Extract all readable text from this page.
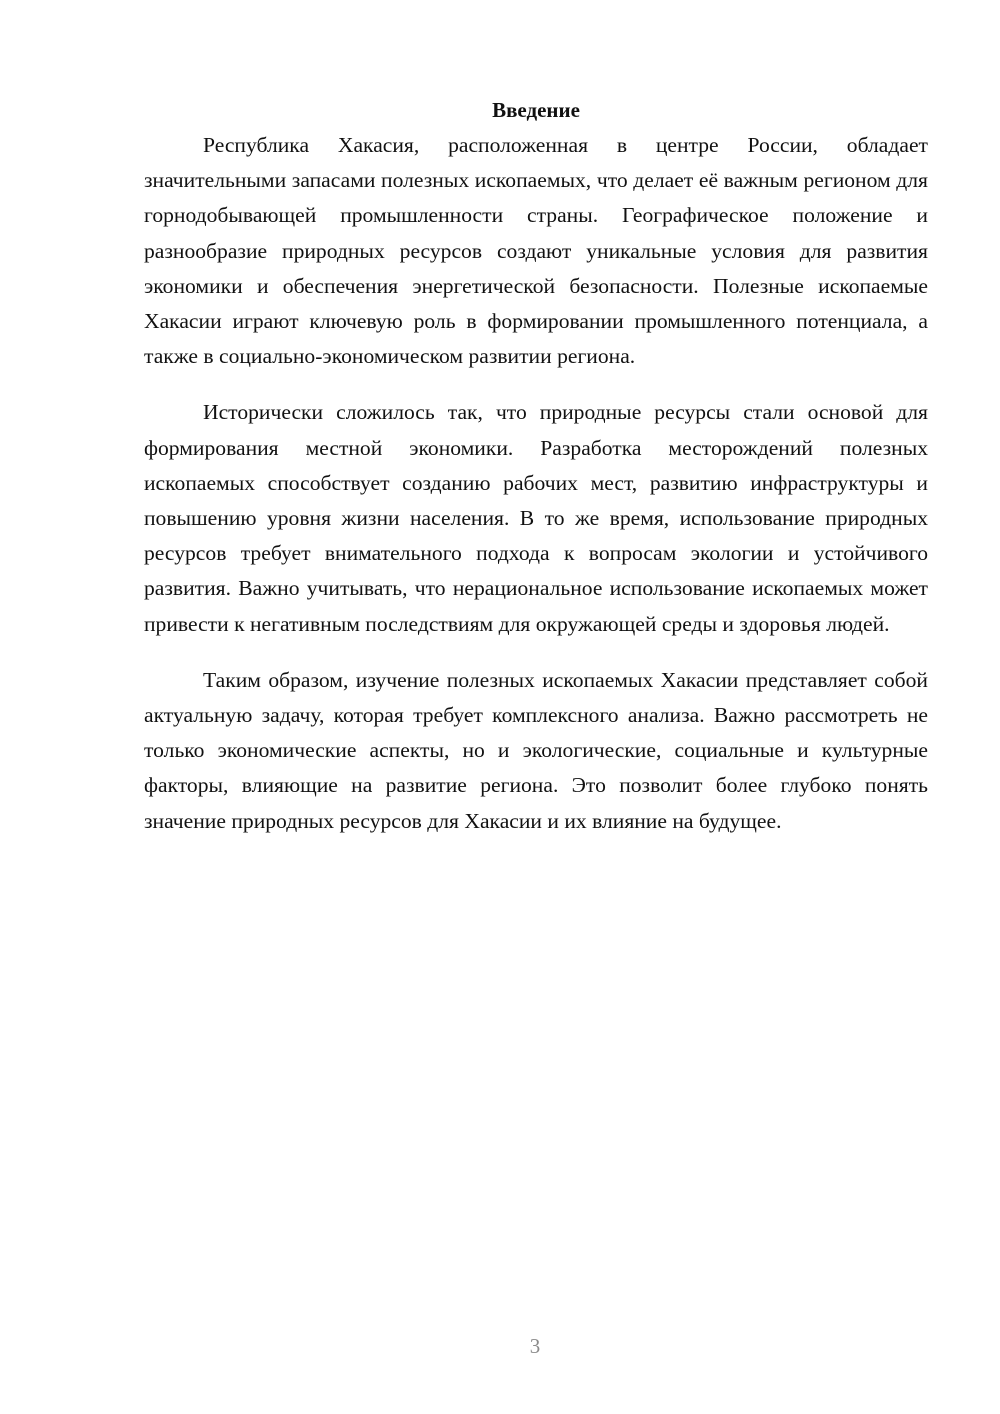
Введение

Республика Хакасия, расположенная в центре России, обладает значительными запасами полезных ископаемых, что делает её важным регионом для горнодобывающей промышленности страны. Географическое положение и разнообразие природных ресурсов создают уникальные условия для развития экономики и обеспечения энергетической безопасности. Полезные ископаемые Хакасии играют ключевую роль в формировании промышленного потенциала, а также в социально-экономическом развитии региона.

Исторически сложилось так, что природные ресурсы стали основой для формирования местной экономики. Разработка месторождений полезных ископаемых способствует созданию рабочих мест, развитию инфраструктуры и повышению уровня жизни населения. В то же время, использование природных ресурсов требует внимательного подхода к вопросам экологии и устойчивого развития. Важно учитывать, что нерациональное использование ископаемых может привести к негативным последствиям для окружающей среды и здоровья людей.

Таким образом, изучение полезных ископаемых Хакасии представляет собой актуальную задачу, которая требует комплексного анализа. Важно рассмотреть не только экономические аспекты, но и экологические, социальные и культурные факторы, влияющие на развитие региона. Это позволит более глубоко понять значение природных ресурсов для Хакасии и их влияние на будущее.

3
